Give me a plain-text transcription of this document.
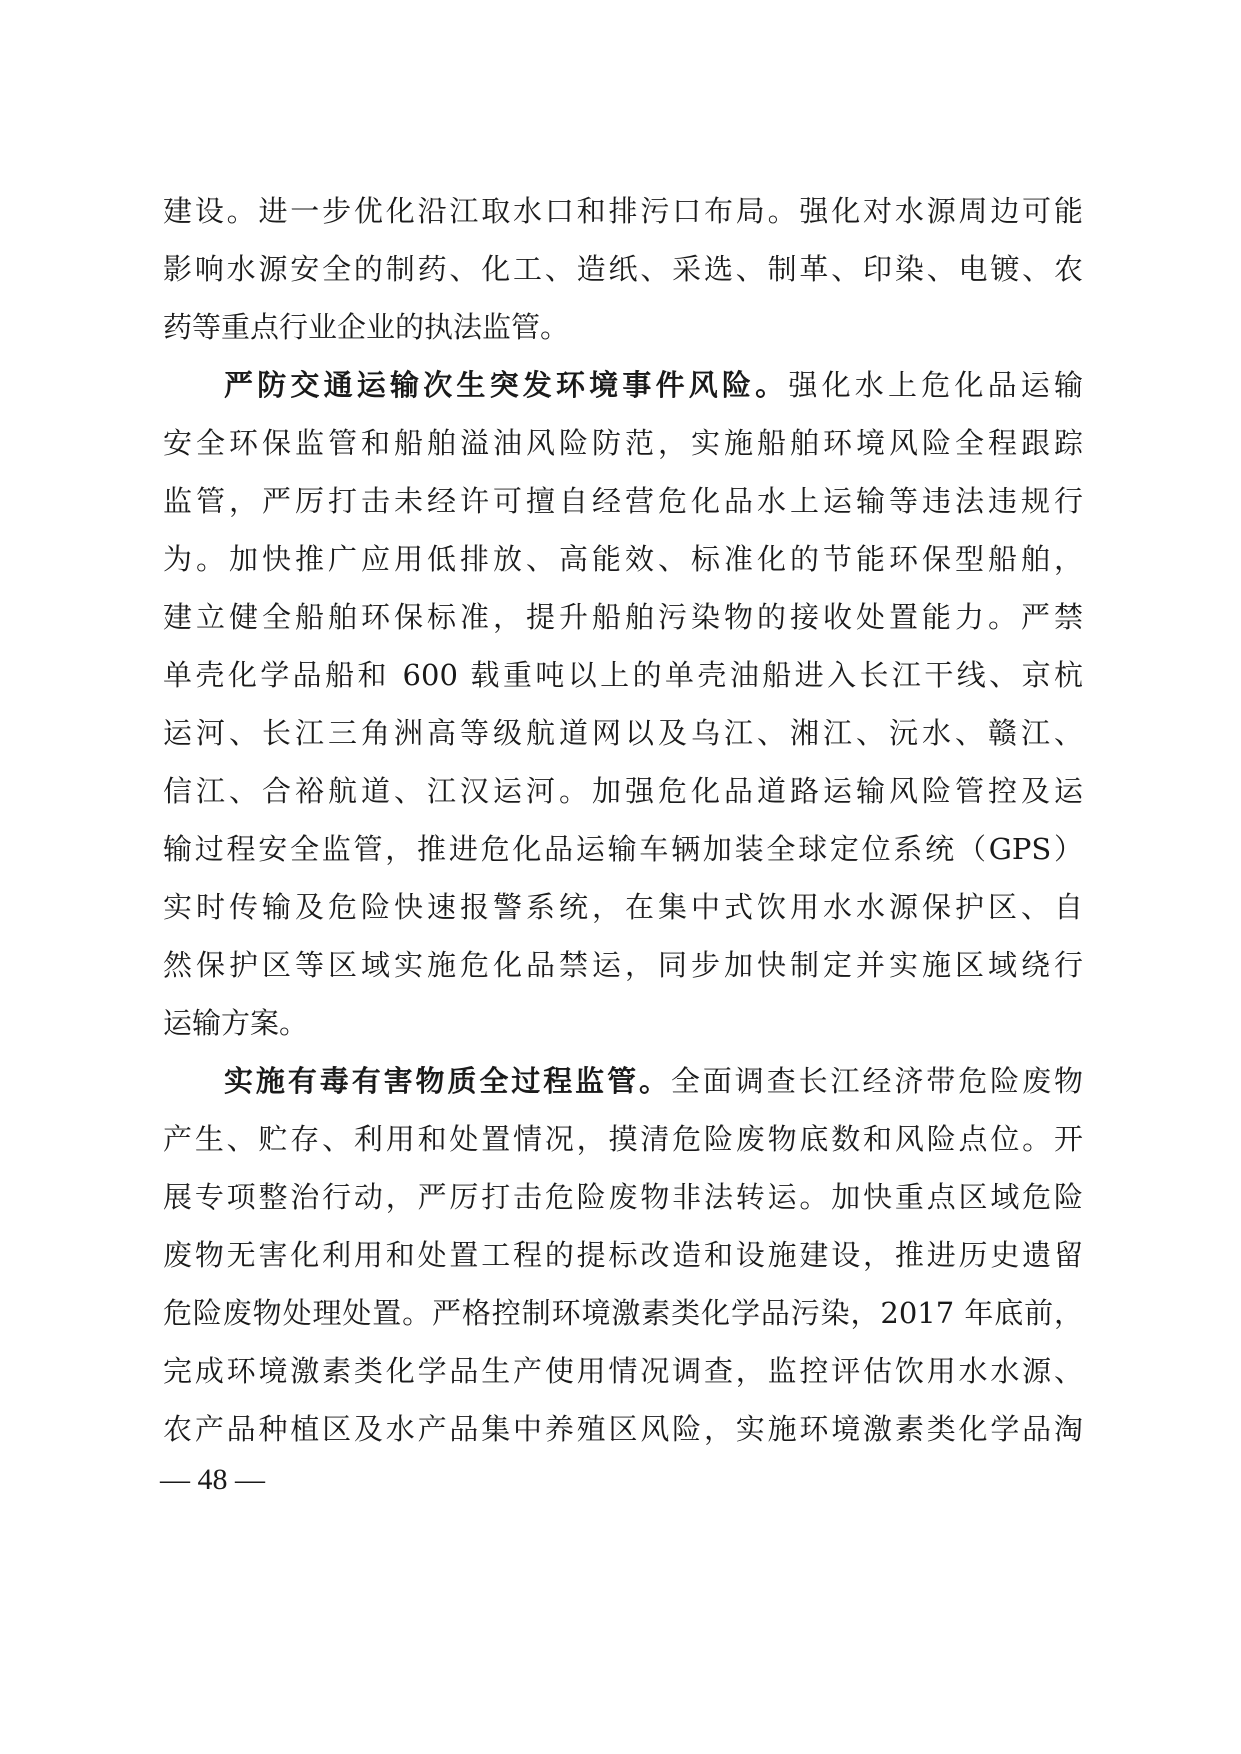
建设。进一步优化沿江取水口和排污口布局。强化对水源周边可能
影响水源安全的制药、化工、造纸、采选、制革、印染、电镀、农
药等重点行业企业的执法监管。
严防交通运输次生突发环境事件风险。强化水上危化品运输
安全环保监管和船舶溢油风险防范，实施船舶环境风险全程跟踪
监管，严厉打击未经许可擅自经营危化品水上运输等违法违规行
为。加快推广应用低排放、高能效、标准化的节能环保型船舶，
建立健全船舶环保标准，提升船舶污染物的接收处置能力。严禁
单壳化学品船和 600 载重吨以上的单壳油船进入长江干线、京杭
运河、长江三角洲高等级航道网以及乌江、湘江、沅水、赣江、
信江、合裕航道、江汉运河。加强危化品道路运输风险管控及运
输过程安全监管，推进危化品运输车辆加装全球定位系统（GPS）
实时传输及危险快速报警系统，在集中式饮用水水源保护区、自
然保护区等区域实施危化品禁运，同步加快制定并实施区域绕行
运输方案。
实施有毒有害物质全过程监管。全面调查长江经济带危险废物
产生、贮存、利用和处置情况，摸清危险废物底数和风险点位。开
展专项整治行动，严厉打击危险废物非法转运。加快重点区域危险
废物无害化利用和处置工程的提标改造和设施建设，推进历史遗留
危险废物处理处置。严格控制环境激素类化学品污染，2017 年底前，
完成环境激素类化学品生产使用情况调查，监控评估饮用水水源、
农产品种植区及水产品集中养殖区风险，实施环境激素类化学品淘
— 48 —
